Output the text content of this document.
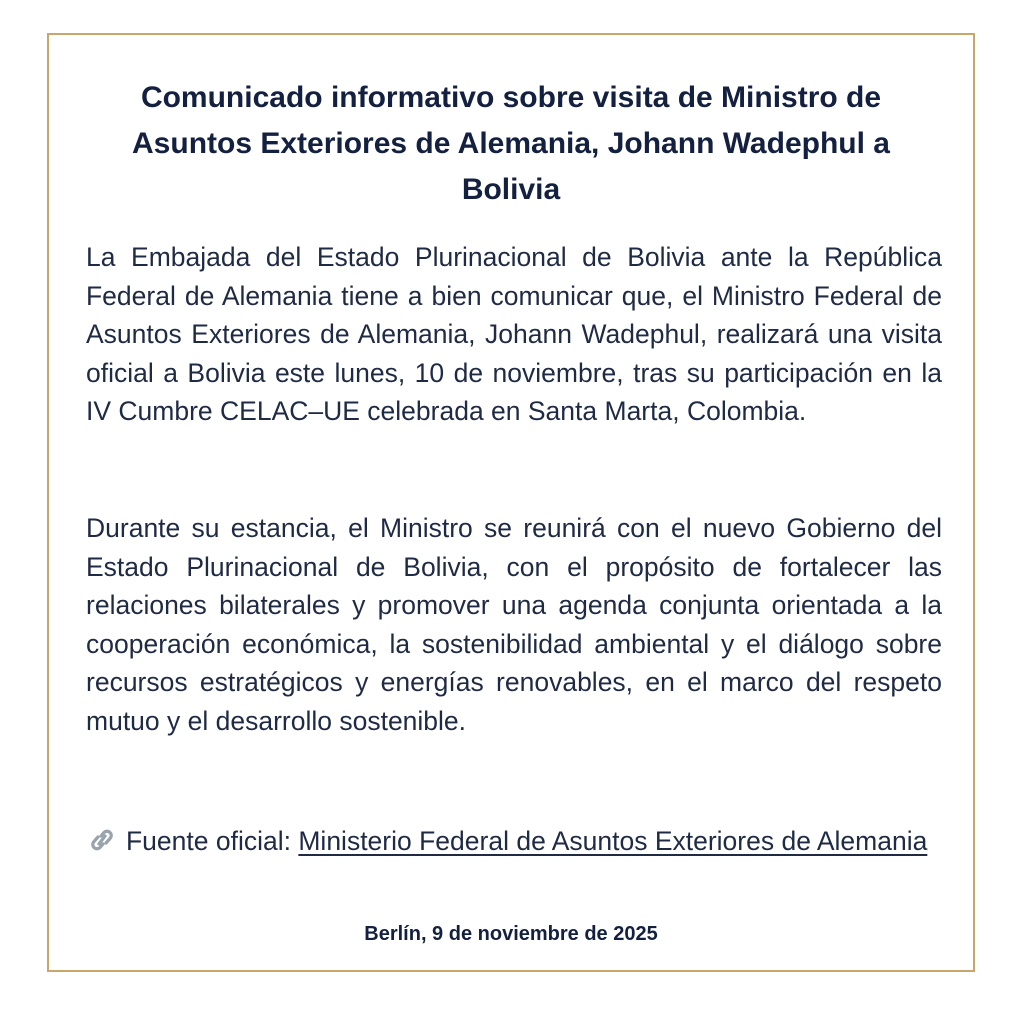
Comunicado informativo sobre visita de Ministro de Asuntos Exteriores de Alemania, Johann Wadephul a Bolivia

La Embajada del Estado Plurinacional de Bolivia ante la República Federal de Alemania tiene a bien comunicar que, el Ministro Federal de Asuntos Exteriores de Alemania, Johann Wadephul, realizará una visita oficial a Bolivia este lunes, 10 de noviembre, tras su participación en la IV Cumbre CELAC–UE celebrada en Santa Marta, Colombia.

Durante su estancia, el Ministro se reunirá con el nuevo Gobierno del Estado Plurinacional de Bolivia, con el propósito de fortalecer las relaciones bilaterales y promover una agenda conjunta orientada a la cooperación económica, la sostenibilidad ambiental y el diálogo sobre recursos estratégicos y energías renovables, en el marco del respeto mutuo y el desarrollo sostenible.

Fuente oficial: Ministerio Federal de Asuntos Exteriores de Alemania

Berlín, 9 de noviembre de 2025
